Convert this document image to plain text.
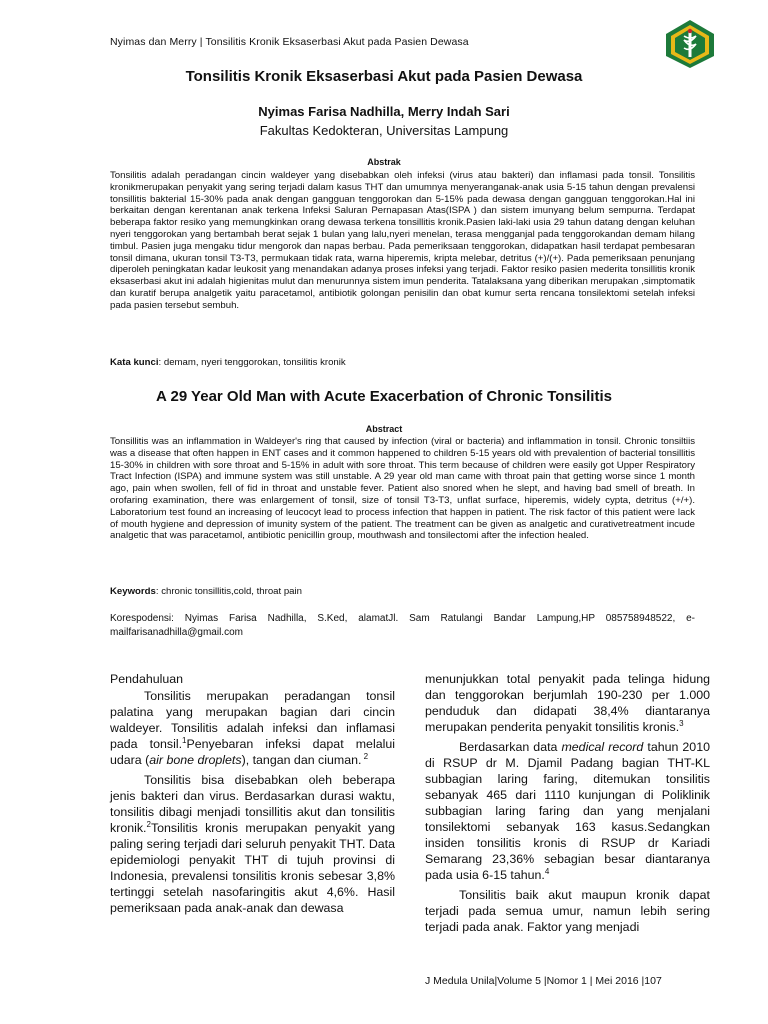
Nyimas dan Merry | Tonsilitis Kronik Eksaserbasi Akut pada Pasien Dewasa
Tonsilitis Kronik Eksaserbasi Akut pada Pasien Dewasa
Nyimas Farisa Nadhilla, Merry Indah Sari
Fakultas Kedokteran, Universitas Lampung
Abstrak
Tonsilitis adalah peradangan cincin waldeyer yang disebabkan oleh infeksi (virus atau bakteri) dan inflamasi pada tonsil. Tonsilitis kronikmerupakan penyakit yang sering terjadi dalam kasus THT dan umumnya menyeranganak-anak usia 5-15 tahun dengan prevalensi tonsillitis bakterial 15-30% pada anak dengan gangguan tenggorokan dan 5-15% pada dewasa dengan gangguan tenggorokan.Hal ini berkaitan dengan kerentanan anak terkena Infeksi Saluran Pernapasan Atas(ISPA ) dan sistem imunyang belum sempurna. Terdapat beberapa faktor resiko yang memungkinkan orang dewasa terkena tonsillitis kronik.Pasien laki-laki usia 29 tahun datang dengan keluhan nyeri tenggorokan yang bertambah berat sejak 1 bulan yang lalu,nyeri menelan, terasa mengganjal pada tenggorokandan demam hilang timbul. Pasien juga mengaku tidur mengorok dan napas berbau. Pada pemeriksaan tenggorokan, didapatkan hasil terdapat pembesaran tonsil dimana, ukuran tonsil T3-T3, permukaan tidak rata, warna hiperemis, kripta melebar, detritus (+)/(+). Pada pemeriksaan penunjang diperoleh peningkatan kadar leukosit yang menandakan adanya proses infeksi yang terjadi. Faktor resiko pasien mederita tonsillitis kronik eksaserbasi akut ini adalah higienitas mulut dan menurunnya sistem imun penderita. Tatalaksana yang diberikan merupakan ,simptomatik dan kuratif berupa analgetik yaitu paracetamol, antibiotik golongan penisilin dan obat kumur serta rencana tonsilektomi setelah infeksi pada pasien tersebut sembuh.
Kata kunci: demam, nyeri tenggorokan, tonsilitis kronik
A 29 Year Old Man with Acute Exacerbation of Chronic Tonsilitis
Abstract
Tonsillitis was an inflammation in Waldeyer's ring that caused by infection (viral or bacteria) and inflammation in tonsil. Chronic tonsiltiis was a disease that often happen in ENT cases and it common happened to children 5-15 years old with prevalention of bacterial tonsillitis 15-30% in children with sore throat and 5-15% in adult with sore throat. This term because of children were easily got Upper Respiratory Tract Infection (ISPA) and immune system was still unstable. A 29 year old man came with throat pain that getting worse since 1 month ago, pain when swollen, fell of fid in throat and unstable fever. Patient also snored when he slept, and having bad smell of breath. In orofaring examination, there was enlargement of tonsil, size of tonsil T3-T3, unflat surface, hiperemis, widely cypta, detritus (+/+). Laboratorium test found an increasing of leucocyt lead to process infection that happen in patient. The risk factor of this patient were lack of mouth hygiene and depression of imunity system of the patient. The treatment can be given as analgetic and curativetreatment incude analgetic that was paracetamol, antibiotic penicillin group, mouthwash and tonsilectomi after the infection healed.
Keywords: chronic tonsillitis,cold, throat pain
Korespodensi: Nyimas Farisa Nadhilla, S.Ked, alamatJl. Sam Ratulangi Bandar Lampung,HP 085758948522, e-mailfarisanadhilla@gmail.com
Pendahuluan

Tonsilitis merupakan peradangan tonsil palatina yang merupakan bagian dari cincin waldeyer. Tonsilitis adalah infeksi dan inflamasi pada tonsil.$^1$Penyebaran infeksi dapat melalui udara (air bone droplets), tangan dan ciuman. $^2$

Tonsilitis bisa disebabkan oleh beberapa jenis bakteri dan virus. Berdasarkan durasi waktu, tonsilitis dibagi menjadi tonsillitis akut dan tonsilitis kronik.$^2$Tonsilitis kronis merupakan penyakit yang paling sering terjadi dari seluruh penyakit THT. Data epidemiologi penyakit THT di tujuh provinsi di Indonesia, prevalensi tonsilitis kronis sebesar 3,8% tertinggi setelah nasofaringitis akut 4,6%. Hasil pemeriksaan pada anak-anak dan dewasa

menunjukkan total penyakit pada telinga hidung dan tenggorokan berjumlah 190-230 per 1.000 penduduk dan didapati 38,4% diantaranya merupakan penderita penyakit tonsilitis kronis.$^3$

Berdasarkan data medical record tahun 2010 di RSUP dr M. Djamil Padang bagian THT-KL subbagian laring faring, ditemukan tonsilitis sebanyak 465 dari 1110 kunjungan di Poliklinik subbagian laring faring dan yang menjalani tonsilektomi sebanyak 163 kasus.Sedangkan insiden tonsilitis kronis di RSUP dr Kariadi Semarang 23,36% sebagian besar diantaranya pada usia 6-15 tahun.$^4$

Tonsilitis baik akut maupun kronik dapat terjadi pada semua umur, namun lebih sering terjadi pada anak. Faktor yang menjadi

J Medula Unila|Volume 5 |Nomor 1 | Mei 2016 |107
